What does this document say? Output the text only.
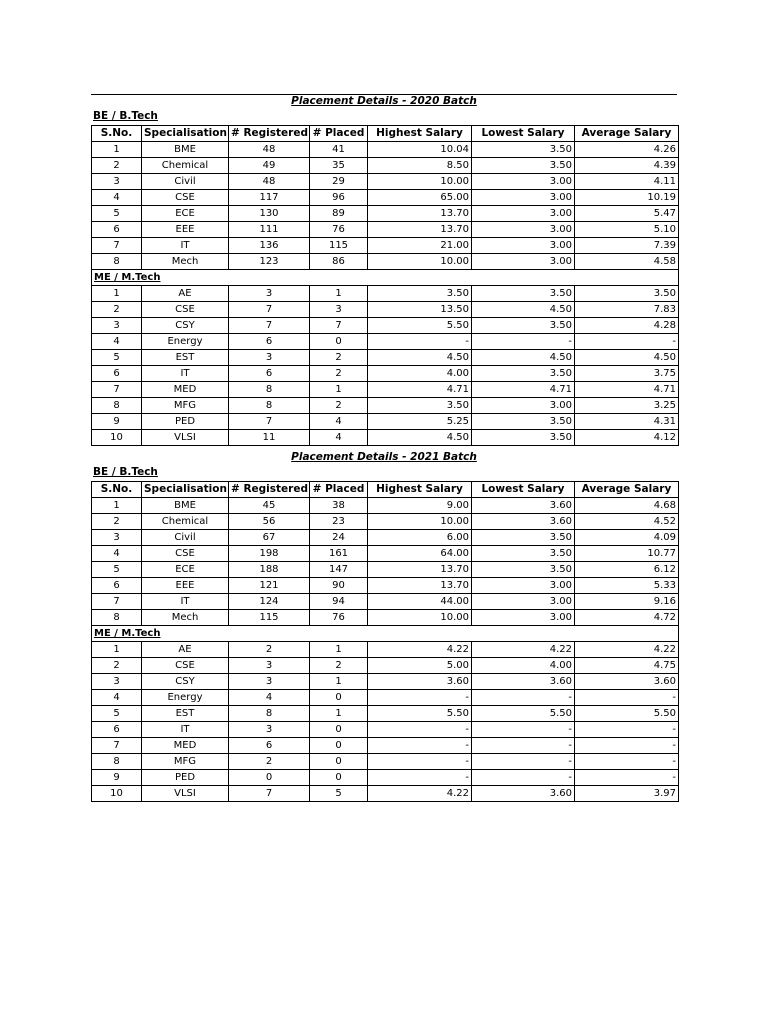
Placement Details - 2020 Batch
BE / B.Tech
S.No.	Specialisation	# Registered	# Placed	Highest Salary	Lowest Salary	Average Salary
1	BME	48	41	10.04	3.50	4.26
2	Chemical	49	35	8.50	3.50	4.39
3	Civil	48	29	10.00	3.00	4.11
4	CSE	117	96	65.00	3.00	10.19
5	ECE	130	89	13.70	3.00	5.47
6	EEE	111	76	13.70	3.00	5.10
7	IT	136	115	21.00	3.00	7.39
8	Mech	123	86	10.00	3.00	4.58
ME / M.Tech						
1	AE	3	1	3.50	3.50	3.50
2	CSE	7	3	13.50	4.50	7.83
3	CSY	7	7	5.50	3.50	4.28
4	Energy	6	0	-	-	-
5	EST	3	2	4.50	4.50	4.50
6	IT	6	2	4.00	3.50	3.75
7	MED	8	1	4.71	4.71	4.71
8	MFG	8	2	3.50	3.00	3.25
9	PED	7	4	5.25	3.50	4.31
10	VLSI	11	4	4.50	3.50	4.12
Placement Details - 2021 Batch
BE / B.Tech
S.No.	Specialisation	# Registered	# Placed	Highest Salary	Lowest Salary	Average Salary
1	BME	45	38	9.00	3.60	4.68
2	Chemical	56	23	10.00	3.60	4.52
3	Civil	67	24	6.00	3.50	4.09
4	CSE	198	161	64.00	3.50	10.77
5	ECE	188	147	13.70	3.50	6.12
6	EEE	121	90	13.70	3.00	5.33
7	IT	124	94	44.00	3.00	9.16
8	Mech	115	76	10.00	3.00	4.72
ME / M.Tech						
1	AE	2	1	4.22	4.22	4.22
2	CSE	3	2	5.00	4.00	4.75
3	CSY	3	1	3.60	3.60	3.60
4	Energy	4	0	-	-	-
5	EST	8	1	5.50	5.50	5.50
6	IT	3	0	-	-	-
7	MED	6	0	-	-	-
8	MFG	2	0	-	-	-
9	PED	0	0	-	-	-
10	VLSI	7	5	4.22	3.60	3.97
